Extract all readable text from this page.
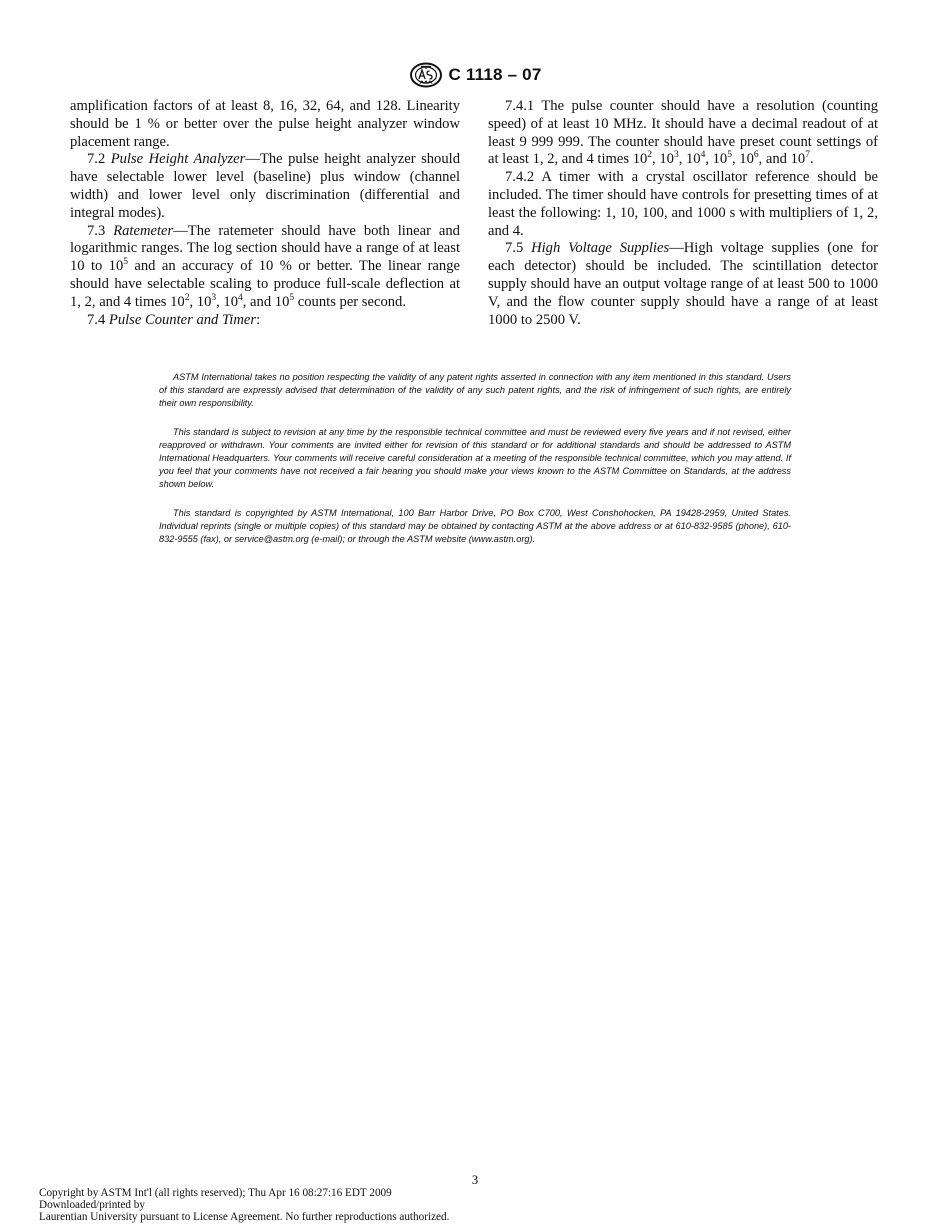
C 1118 – 07

amplification factors of at least 8, 16, 32, 64, and 128. Linearity should be 1 % or better over the pulse height analyzer window placement range.

7.2 Pulse Height Analyzer—The pulse height analyzer should have selectable lower level (baseline) plus window (channel width) and lower level only discrimination (differential and integral modes).

7.3 Ratemeter—The ratemeter should have both linear and logarithmic ranges. The log section should have a range of at least 10 to $10^5$ and an accuracy of 10 % or better. The linear range should have selectable scaling to produce full-scale deflection at 1, 2, and 4 times $10^2$, $10^3$, $10^4$, and $10^5$ counts per second.

7.4 Pulse Counter and Timer:

7.4.1 The pulse counter should have a resolution (counting speed) of at least 10 MHz. It should have a decimal readout of at least 9 999 999. The counter should have preset count settings of at least 1, 2, and 4 times $10^2$, $10^3$, $10^4$, $10^5$, $10^6$, and $10^7$.

7.4.2 A timer with a crystal oscillator reference should be included. The timer should have controls for presetting times of at least the following: 1, 10, 100, and 1000 s with multipliers of 1, 2, and 4.

7.5 High Voltage Supplies—High voltage supplies (one for each detector) should be included. The scintillation detector supply should have an output voltage range of at least 500 to 1000 V, and the flow counter supply should have a range of at least 1000 to 2500 V.

ASTM International takes no position respecting the validity of any patent rights asserted in connection with any item mentioned in this standard. Users of this standard are expressly advised that determination of the validity of any such patent rights, and the risk of infringement of such rights, are entirely their own responsibility.

This standard is subject to revision at any time by the responsible technical committee and must be reviewed every five years and if not revised, either reapproved or withdrawn. Your comments are invited either for revision of this standard or for additional standards and should be addressed to ASTM International Headquarters. Your comments will receive careful consideration at a meeting of the responsible technical committee, which you may attend. If you feel that your comments have not received a fair hearing you should make your views known to the ASTM Committee on Standards, at the address shown below.

This standard is copyrighted by ASTM International, 100 Barr Harbor Drive, PO Box C700, West Conshohocken, PA 19428-2959, United States. Individual reprints (single or multiple copies) of this standard may be obtained by contacting ASTM at the above address or at 610-832-9585 (phone), 610-832-9555 (fax), or service@astm.org (e-mail); or through the ASTM website (www.astm.org).

3
Copyright by ASTM Int'l (all rights reserved); Thu Apr 16 08:27:16 EDT 2009
Downloaded/printed by
Laurentian University pursuant to License Agreement. No further reproductions authorized.
